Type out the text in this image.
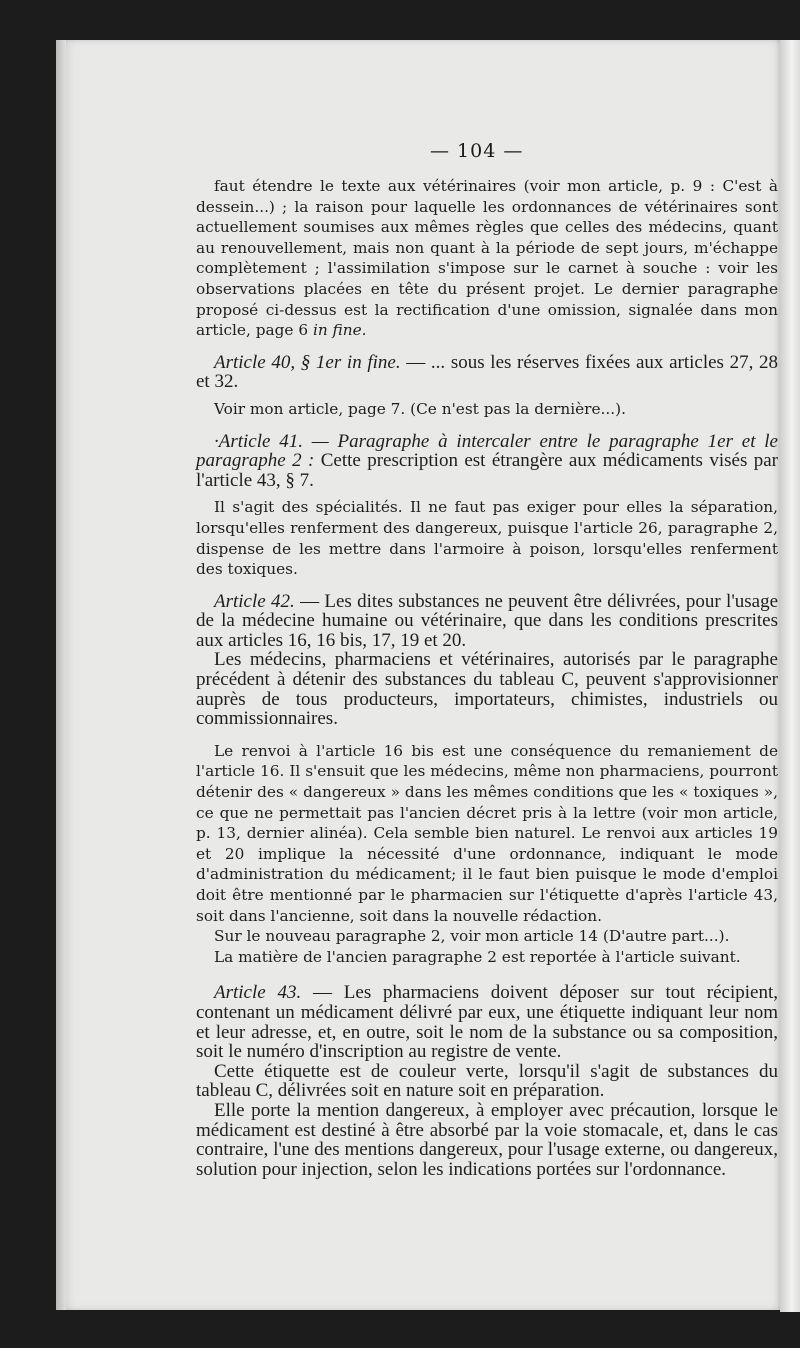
— 104 —

faut étendre le texte aux vétérinaires (voir mon article, p. 9 : C'est à dessein...) ; la raison pour laquelle les ordonnances de vétérinaires sont actuellement soumises aux mêmes règles que celles des médecins, quant au renouvellement, mais non quant à la période de sept jours, m'échappe complètement ; l'assimilation s'impose sur le carnet à souche : voir les observations placées en tête du présent projet. Le dernier paragraphe proposé ci-dessus est la rectification d'une omission, signalée dans mon article, page 6 in fine.

Article 40, § 1er in fine. — ... sous les réserves fixées aux articles 27, 28 et 32.

Voir mon article, page 7. (Ce n'est pas la dernière...).

·Article 41. — Paragraphe à intercaler entre le paragraphe 1er et le paragraphe 2 : Cette prescription est étrangère aux médicaments visés par l'article 43, § 7.

Il s'agit des spécialités. Il ne faut pas exiger pour elles la séparation, lorsqu'elles renferment des dangereux, puisque l'article 26, paragraphe 2, dispense de les mettre dans l'armoire à poison, lorsqu'elles renferment des toxiques.

Article 42. — Les dites substances ne peuvent être délivrées, pour l'usage de la médecine humaine ou vétérinaire, que dans les conditions prescrites aux articles 16, 16 bis, 17, 19 et 20.

Les médecins, pharmaciens et vétérinaires, autorisés par le paragraphe précédent à détenir des substances du tableau C, peuvent s'approvisionner auprès de tous producteurs, importateurs, chimistes, industriels ou commissionnaires.

Le renvoi à l'article 16 bis est une conséquence du remaniement de l'article 16. Il s'ensuit que les médecins, même non pharmaciens, pourront détenir des « dangereux » dans les mêmes conditions que les « toxiques », ce que ne permettait pas l'ancien décret pris à la lettre (voir mon article, p. 13, dernier alinéa). Cela semble bien naturel. Le renvoi aux articles 19 et 20 implique la nécessité d'une ordonnance, indiquant le mode d'administration du médicament; il le faut bien puisque le mode d'emploi doit être mentionné par le pharmacien sur l'étiquette d'après l'article 43, soit dans l'ancienne, soit dans la nouvelle rédaction.

Sur le nouveau paragraphe 2, voir mon article 14 (D'autre part...).

La matière de l'ancien paragraphe 2 est reportée à l'article suivant.

Article 43. — Les pharmaciens doivent déposer sur tout récipient, contenant un médicament délivré par eux, une étiquette indiquant leur nom et leur adresse, et, en outre, soit le nom de la substance ou sa composition, soit le numéro d'inscription au registre de vente.

Cette étiquette est de couleur verte, lorsqu'il s'agit de substances du tableau C, délivrées soit en nature soit en préparation.

Elle porte la mention dangereux, à employer avec précaution, lorsque le médicament est destiné à être absorbé par la voie stomacale, et, dans le cas contraire, l'une des mentions dangereux, pour l'usage externe, ou dangereux, solution pour injection, selon les indications portées sur l'ordonnance.
